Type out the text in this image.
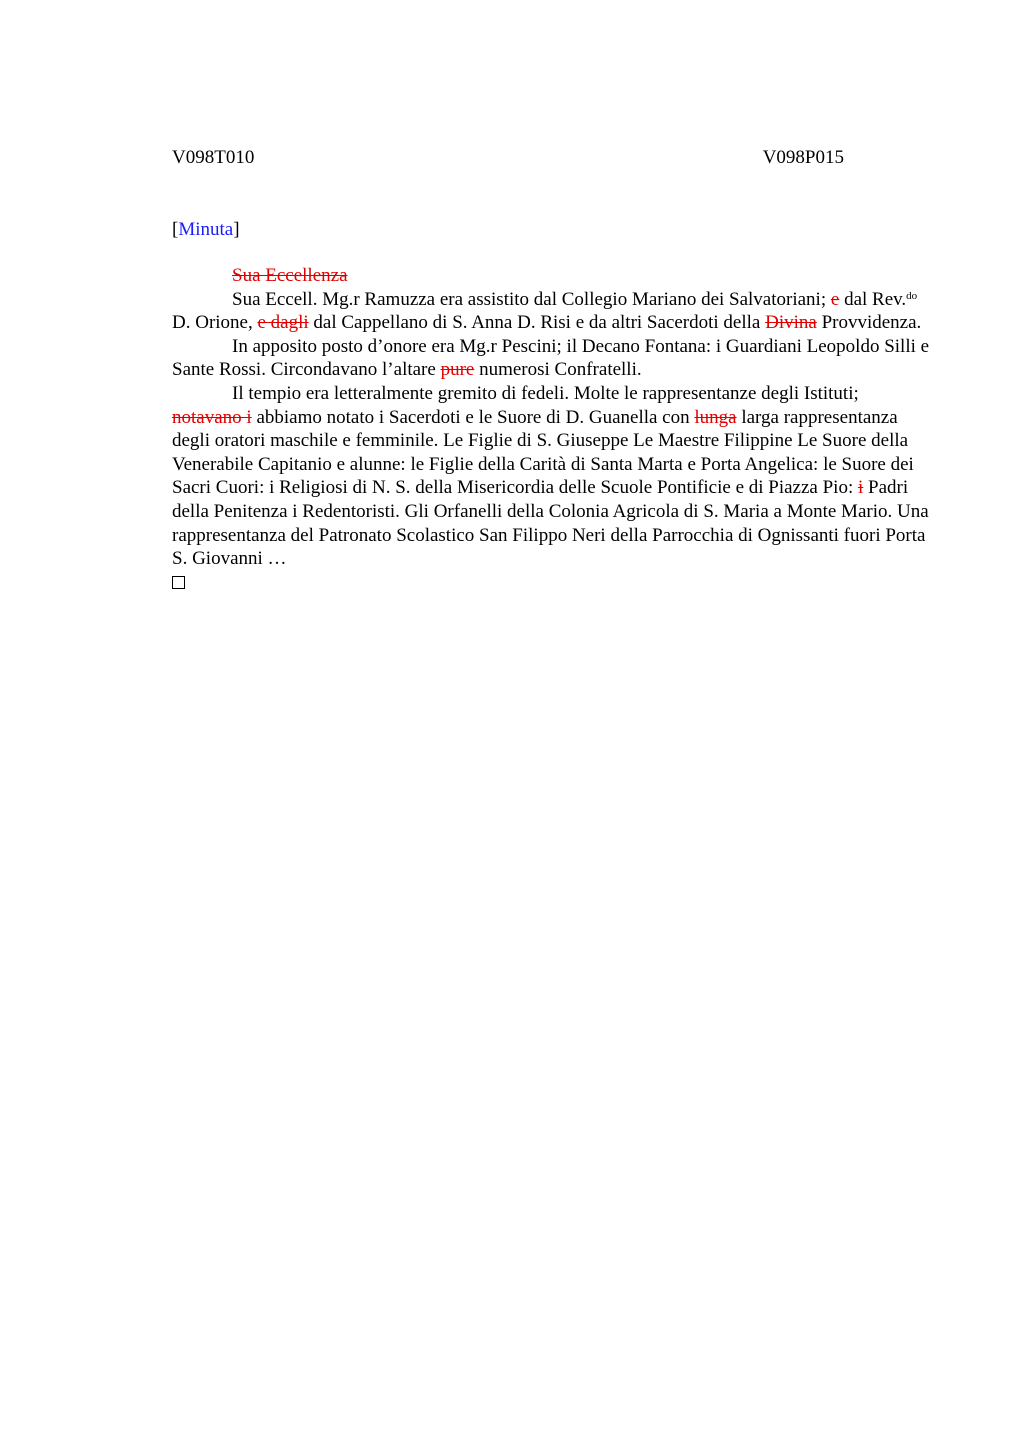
V098T010	V098P015
[Minuta]

Sua Eccellenza

Sua Eccell. Mg.r Ramuzza era assistito dal Collegio Mariano dei Salvatoriani; e dal Rev.$^{do}$ D. Orione, e dagli dal Cappellano di S. Anna D. Risi e da altri Sacerdoti della Divina Provvidenza.

In apposito posto d’onore era Mg.r Pescini; il Decano Fontana: i Guardiani Leopoldo Silli e Sante Rossi. Circondavano l’altare pure numerosi Confratelli.

Il tempio era letteralmente gremito di fedeli. Molte le rappresentanze degli Istituti; notavano i abbiamo notato i Sacerdoti e le Suore di D. Guanella con lunga larga rappresentanza degli oratori maschile e femminile. Le Figlie di S. Giuseppe Le Maestre Filippine Le Suore della Venerabile Capitanio e alunne: le Figlie della Carità di Santa Marta e Porta Angelica: le Suore dei Sacri Cuori: i Religiosi di N. S. della Misericordia delle Scuole Pontificie e di Piazza Pio: i Padri della Penitenza i Redentoristi. Gli Orfanelli della Colonia Agricola di S. Maria a Monte Mario. Una rappresentanza del Patronato Scolastico San Filippo Neri della Parrocchia di Ognissanti fuori Porta S. Giovanni …
